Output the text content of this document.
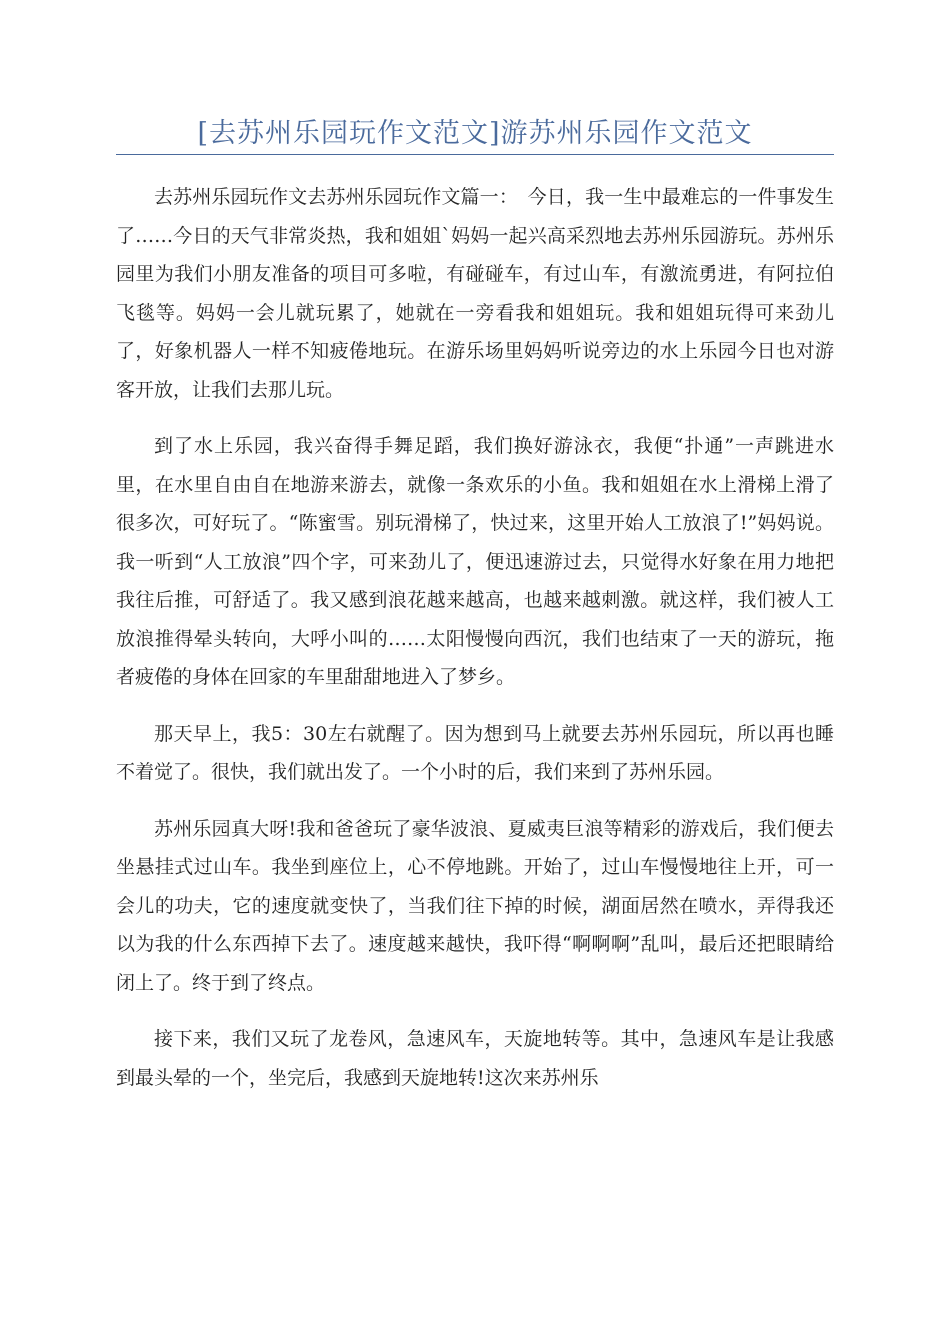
[去苏州乐园玩作文范文]游苏州乐园作文范文

去苏州乐园玩作文去苏州乐园玩作文篇一：　今日，我一生中最难忘的一件事发生了……今日的天气非常炎热，我和姐姐`妈妈一起兴高采烈地去苏州乐园游玩。苏州乐园里为我们小朋友准备的项目可多啦，有碰碰车，有过山车，有激流勇进，有阿拉伯飞毯等。妈妈一会儿就玩累了，她就在一旁看我和姐姐玩。我和姐姐玩得可来劲儿了，好象机器人一样不知疲倦地玩。在游乐场里妈妈听说旁边的水上乐园今日也对游客开放，让我们去那儿玩。

到了水上乐园，我兴奋得手舞足蹈，我们换好游泳衣，我便“扑通”一声跳进水里，在水里自由自在地游来游去，就像一条欢乐的小鱼。我和姐姐在水上滑梯上滑了很多次，可好玩了。“陈蜜雪。别玩滑梯了，快过来，这里开始人工放浪了!”妈妈说。我一听到“人工放浪”四个字，可来劲儿了，便迅速游过去，只觉得水好象在用力地把我往后推，可舒适了。我又感到浪花越来越高，也越来越刺激。就这样，我们被人工放浪推得晕头转向，大呼小叫的……太阳慢慢向西沉，我们也结束了一天的游玩，拖者疲倦的身体在回家的车里甜甜地进入了梦乡。

那天早上，我5：30左右就醒了。因为想到马上就要去苏州乐园玩，所以再也睡不着觉了。很快，我们就出发了。一个小时的后，我们来到了苏州乐园。

苏州乐园真大呀!我和爸爸玩了豪华波浪、夏威夷巨浪等精彩的游戏后，我们便去坐悬挂式过山车。我坐到座位上，心不停地跳。开始了，过山车慢慢地往上开，可一会儿的功夫，它的速度就变快了，当我们往下掉的时候，湖面居然在喷水，弄得我还以为我的什么东西掉下去了。速度越来越快，我吓得“啊啊啊”乱叫，最后还把眼睛给闭上了。终于到了终点。

接下来，我们又玩了龙卷风，急速风车，天旋地转等。其中，急速风车是让我感到最头晕的一个，坐完后，我感到天旋地转!这次来苏州乐
